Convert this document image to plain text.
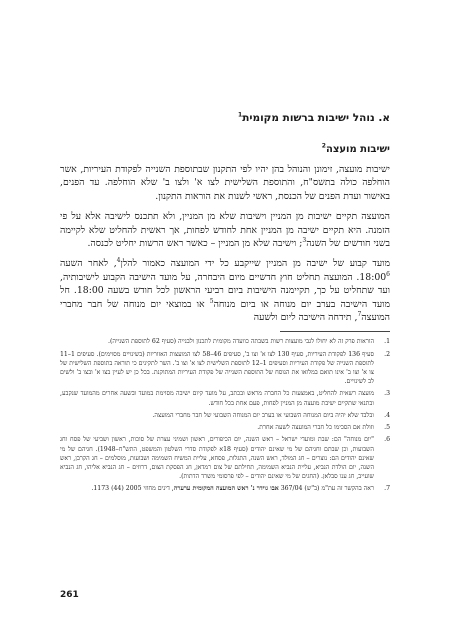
א. נוהל ישיבות ברשות מקומית$^1$
ישיבות מועצה$^2$

ישיבות מועצה, זימונן והנוהל בהן יהיו לפי התקנון שבתוספת השנייה לפקודת העיריות, אשר הוחלפה כולה בתשס"ח, והתוספת השלישית לצו א' ולצו ב' שלא הוחלפה. עד הפנים, באישור ועדת הפנים של הכנסת, ראשי לשנות את הוראות התקנון.

המועצה תקיים ישיבות מן המניין וישיבות שלא מן המניין, ולא תתכנס לישיבה אלא על פי הזמנה. היא תקיים ישיבה מן המניין אחת לחודש לפחות, אך ראשית להחליט שלא לקיימה בשני חודשים של השנה$^3$; וישיבה שלא מן המניין – כאשר ראש הרשות יחליט לכנסה.

מועד קבוע של ישיבה מן המניין שייקבע כל ידי המועצה כאמור להלן$^4$, לאחר השעה $18:00^6$. המועצה תחליט חוץ חדשיים מיום היבחרה, על מועד הישיבה הקבוע לישיבותיה, ועד שתחליט על כך, תקיימנה הישיבות ביום רביעי הראשון לכל חודש בשעה 18:00. חל מועד הישיבה בערב יום מנוחה או ביום מנוחה$^5$ או במוצאי יום מנוחה של חבר מחברי המועצה$^7$, תידחה הישיבה ליום ולשעה

1.
הוראות פרק זה לא יחולו לגבי מועצות רשות בשבתה כוועדה מקומית לתכנון ולבנייה (סעיף 62 לתוספת השנייה).
2.
סעיף 136 לפקודת העיריות, סעיף 130 לצו א' וצו ב', סעיפים 46–58 לצו המועצות האזוריות (בשינויים מסוימים). סעיפים 1–11 לתוספת השנייה של פקודת העיריות וסעיפים 1–12 לתוספת השלישית לצו א' וצו ב'. השר לתקינים כי תוראה בתוספת השלישית של צו א' וצו ב' אינו תואם במלואו את הנוסח של התוספת השנייה של פקודת העיריות המתוקנת. בכל כן יש לעיין בצו א' ובצו ב' ולשים לב לשינויים.
3.
מועצה רשאית להחליט, באמצעות כל החברה מראש ובכתב, על מועד קיום ישיבה מסוימת במועד ובשעה אחרים מהמועד שנקבע, ובתנאי שתקיים ישיבת מועצה מן המניין לפחות, פעם אחת בכל חודש.
4.
ובלבד שלא יהיה ביום המנוחה השבועי או בערב יום המנוחה השבועי של חבר מחברי המועצה.
5.
וזולת אם הסכימו כל חברי המועצה לשעה אחרת.
6.
"יום מנוחה" הם: שבת ומועדי ישראל – ראש השנה, יום הכיפורים, ראשון ושמיני עצרת של סוכות, ראשון ושביעי של פסח וחג השבועות, וכן שבתם וחגיהם של מי שאינם יהודים (סעיף 18א לפקודת סדרי השלטון והמשפט, התש"ח–1948). חגיהם של מי שאינם יהודים הם: נוצרים – חג המולד, ראש השנה, התגלות, פסחא, עליית המשיח השמימה ושבועות, מוסלמים – חג הקרבן, ראש השנה, יום הולדת הנביא, עליית הנביא השמימה, תחילתם של צום רמדאן, חג הפסקת הצום, דרוזים – חג הנביא אליהו, חג הנביא שועייב, חג ענו סבלאן. (החגים של מי שאינם יהודים – לפי פרסומי משרד הדתות).
7.
ראה בהקשר זה עת"מ (ב"ש) 367/04 אבו גוידר נ' ראש המועצה המקומית ערערה, דינים מחוזי 2005 (44) 1173.
261
